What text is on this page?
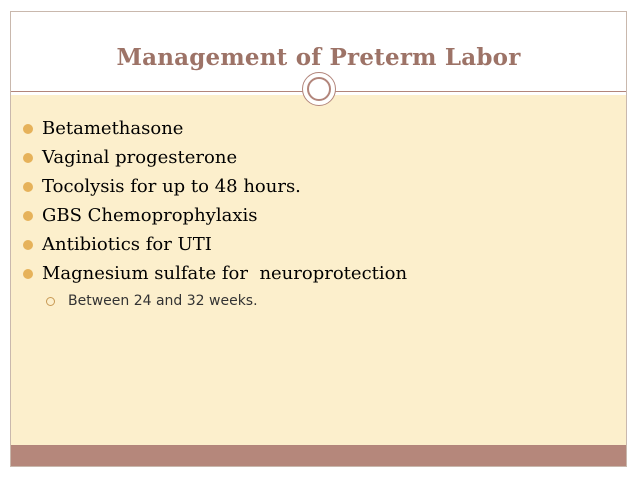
Management of Preterm Labor
Betamethasone
Vaginal progesterone
Tocolysis for up to 48 hours.
GBS Chemoprophylaxis
Antibiotics for UTI
Magnesium sulfate for  neuroprotection
Between 24 and 32 weeks.
